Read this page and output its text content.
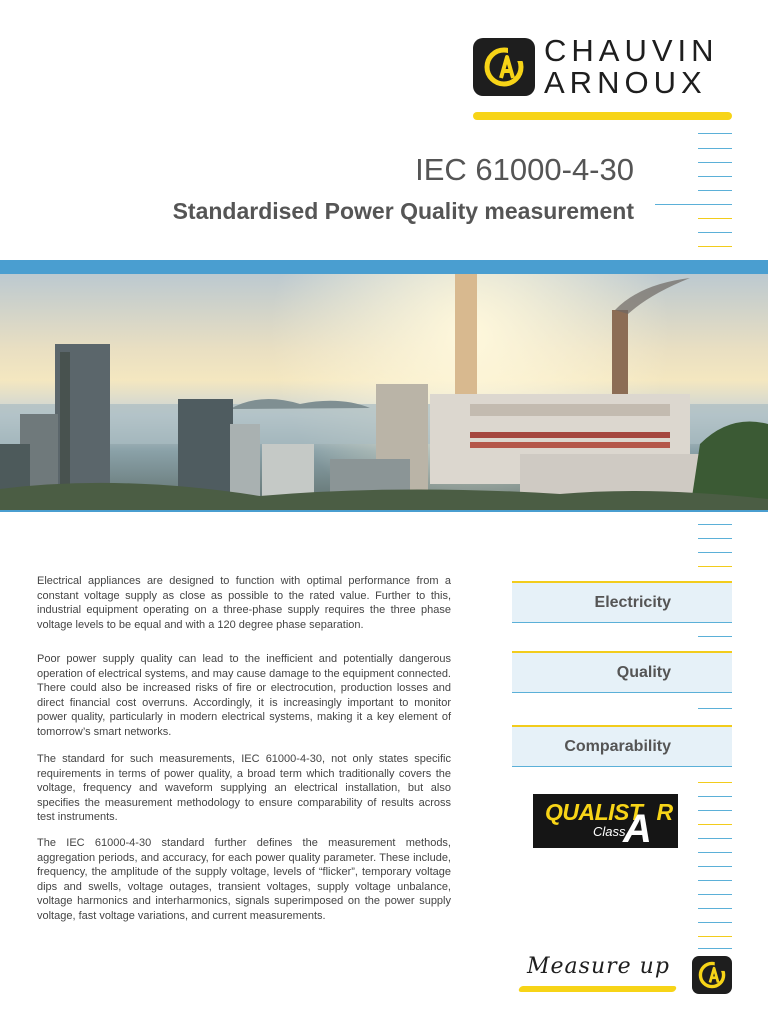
CHAUVIN
ARNOUX
IEC 61000-4-30
Standardised Power Quality measurement

Electrical appliances are designed to function with optimal performance from a constant voltage supply as close as possible to the rated value. Further to this, industrial equipment operating on a three-phase supply requires the three phase voltage levels to be equal and with a 120 degree phase separation.

Poor power supply quality can lead to the inefficient and potentially dangerous operation of electrical systems, and may cause damage to the equipment connected. There could also be increased risks of fire or electrocution, production losses and direct financial cost overruns. Accordingly, it is increasingly important to monitor power quality, particularly in modern electrical systems, making it a key element of tomorrow’s smart networks.

The standard for such measurements, IEC 61000-4-30, not only states specific requirements in terms of power quality, a broad term which traditionally covers the voltage, frequency and waveform supplying an electrical installation, but also specifies the measurement methodology to ensure comparability of results across test instruments.

The IEC 61000-4-30 standard further defines the measurement methods, aggregation periods, and accuracy, for each power quality parameter. These include, frequency, the amplitude of the supply voltage, levels of “flicker”, temporary voltage dips and swells, voltage outages, transient voltages, supply voltage unbalance, voltage harmonics and interharmonics, signals superimposed on the power supply voltage, fast voltage variations, and current measurements.

Electricity
Quality
Comparability
QUALIST R
Class
A
Measure up
